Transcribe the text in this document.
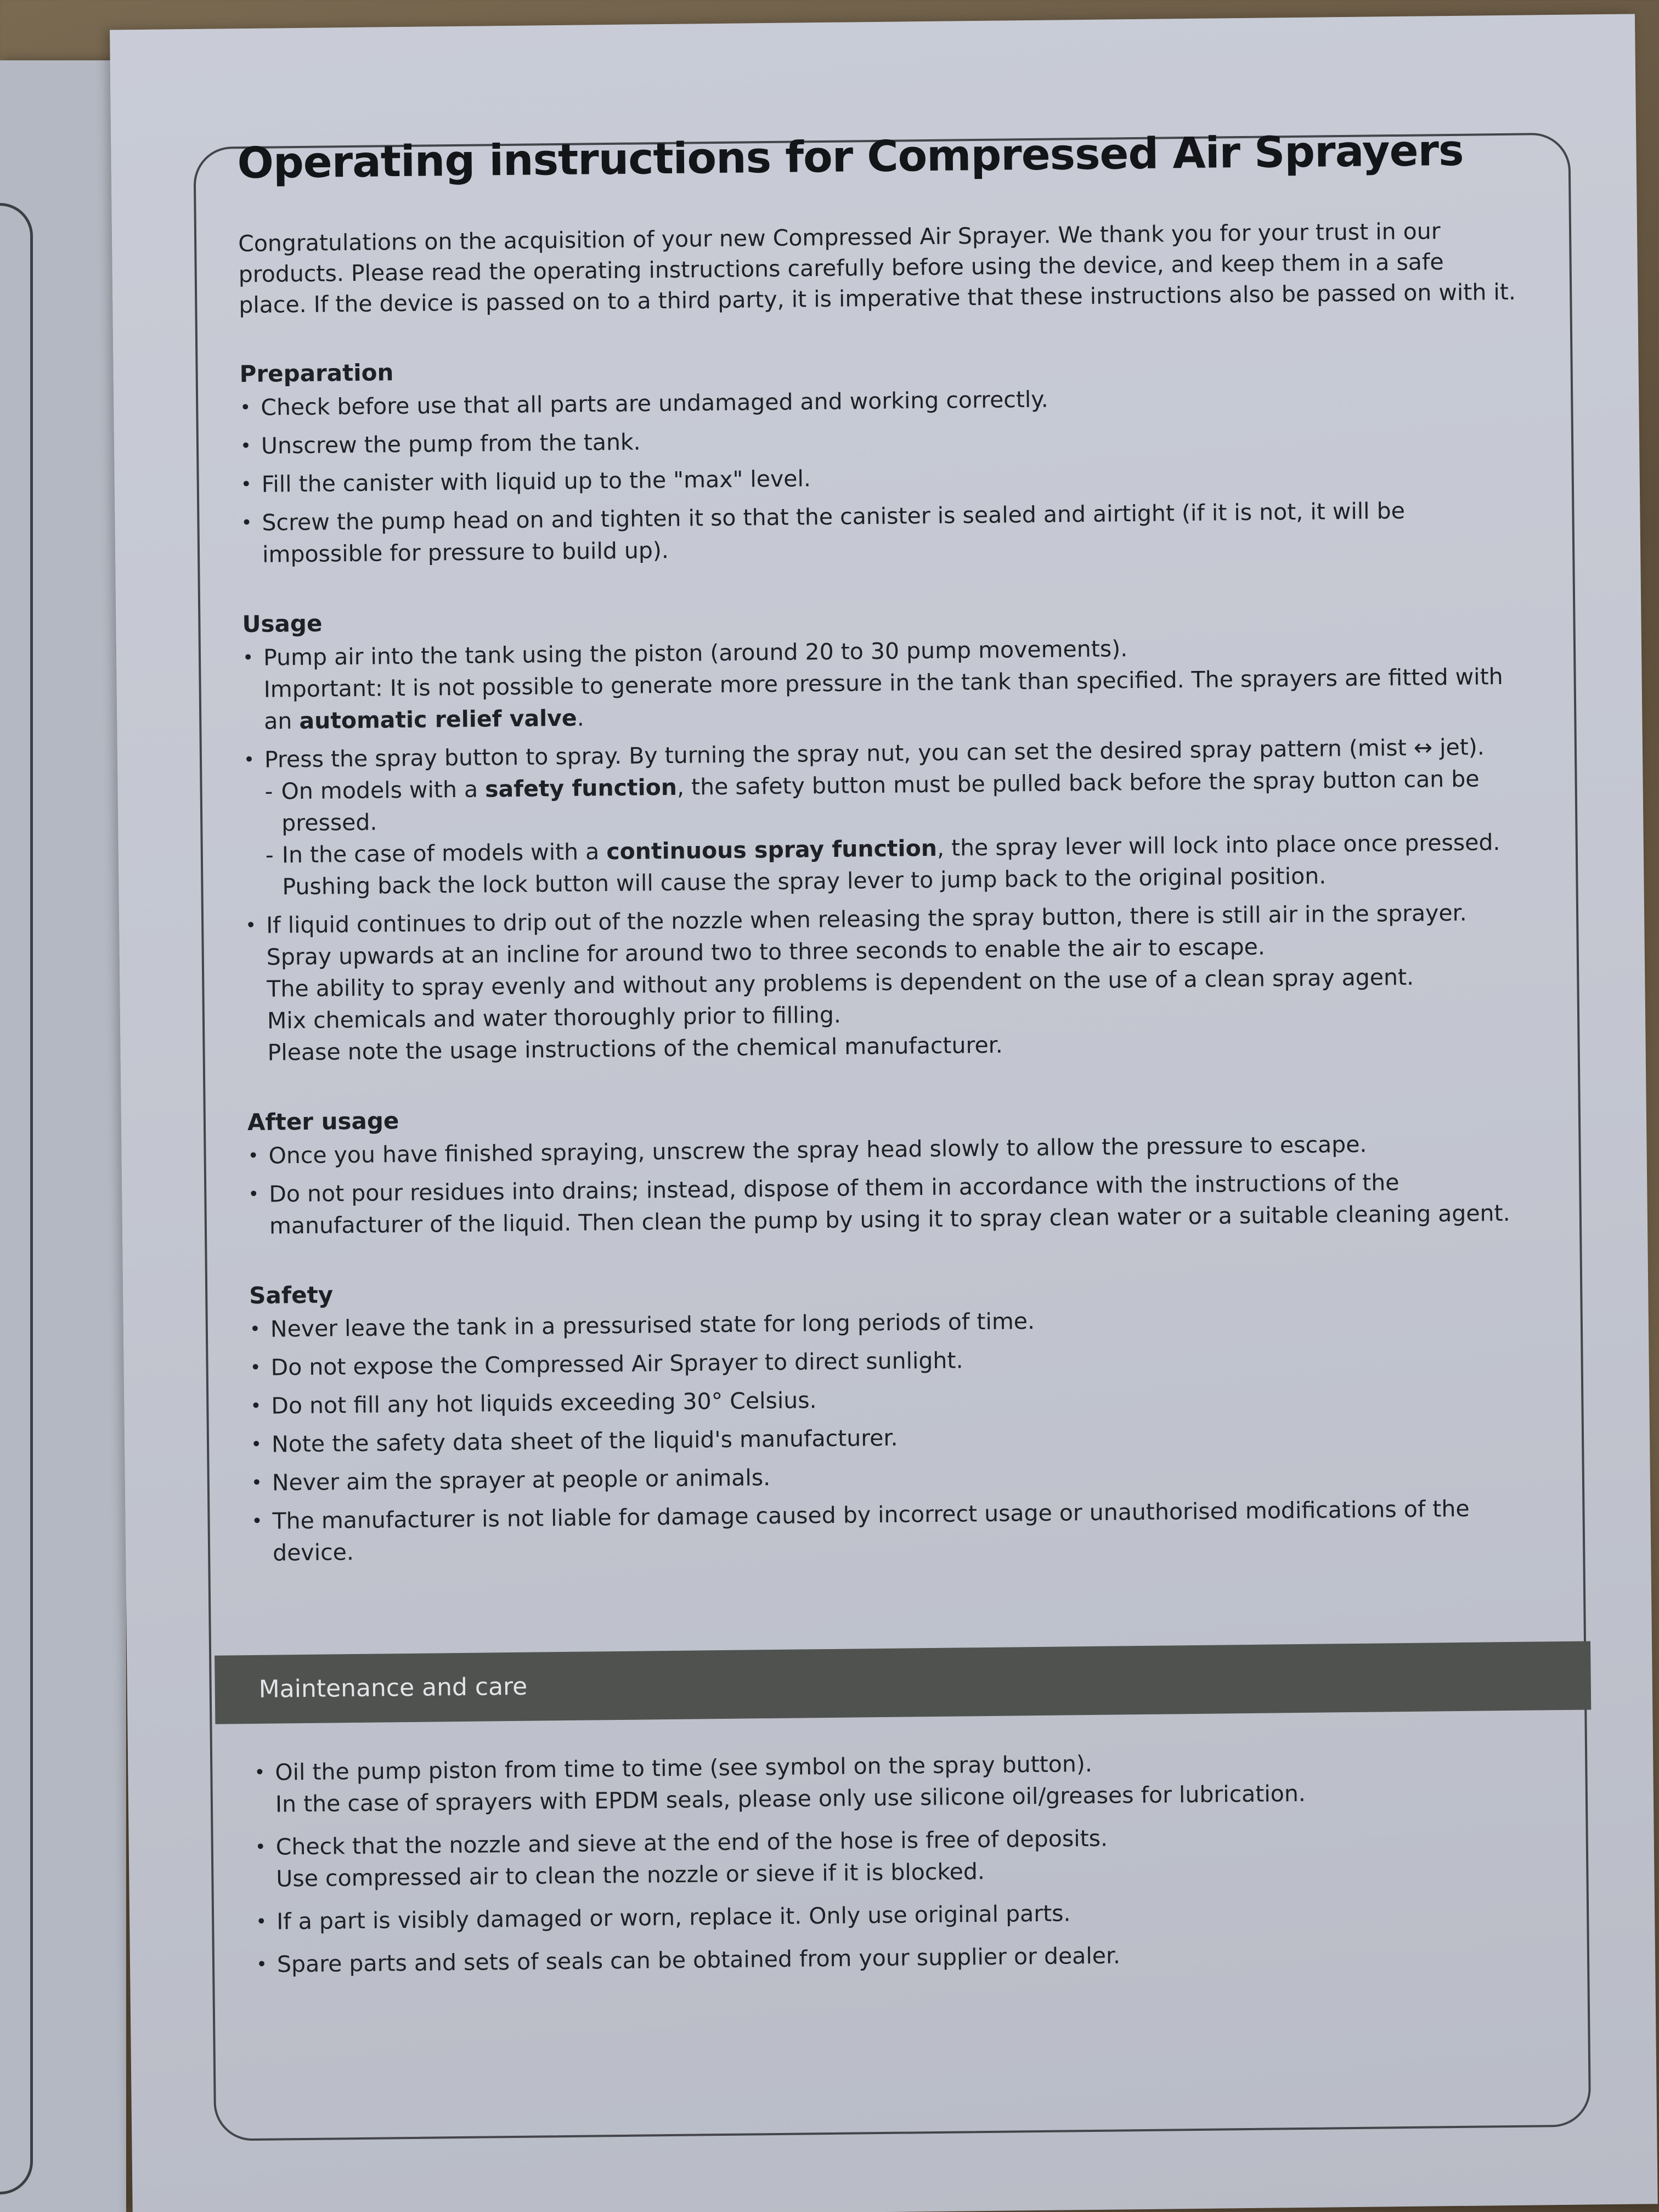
Operating instructions for Compressed Air Sprayers

Congratulations on the acquisition of your new Compressed Air Sprayer. We thank you for your trust in our products. Please read the operating instructions carefully before using the device, and keep them in a safe place. If the device is passed on to a third party, it is imperative that these instructions also be passed on with it.

Preparation
• Check before use that all parts are undamaged and working correctly.
• Unscrew the pump from the tank.
• Fill the canister with liquid up to the "max" level.
• Screw the pump head on and tighten it so that the canister is sealed and airtight (if it is not, it will be impossible for pressure to build up).
Usage
• Pump air into the tank using the piston (around 20 to 30 pump movements).
Important: It is not possible to generate more pressure in the tank than specified. The sprayers are fitted with an automatic relief valve.
• Press the spray button to spray. By turning the spray nut, you can set the desired spray pattern (mist ↔ jet).
- On models with a safety function, the safety button must be pulled back before the spray button can be pressed.
- In the case of models with a continuous spray function, the spray lever will lock into place once pressed. Pushing back the lock button will cause the spray lever to jump back to the original position.
• If liquid continues to drip out of the nozzle when releasing the spray button, there is still air in the sprayer. Spray upwards at an incline for around two to three seconds to enable the air to escape.
The ability to spray evenly and without any problems is dependent on the use of a clean spray agent.
Mix chemicals and water thoroughly prior to filling.
Please note the usage instructions of the chemical manufacturer.
After usage
• Once you have finished spraying, unscrew the spray head slowly to allow the pressure to escape.
• Do not pour residues into drains; instead, dispose of them in accordance with the instructions of the manufacturer of the liquid. Then clean the pump by using it to spray clean water or a suitable cleaning agent.
Safety
• Never leave the tank in a pressurised state for long periods of time.
• Do not expose the Compressed Air Sprayer to direct sunlight.
• Do not fill any hot liquids exceeding 30° Celsius.
• Note the safety data sheet of the liquid's manufacturer.
• Never aim the sprayer at people or animals.
• The manufacturer is not liable for damage caused by incorrect usage or unauthorised modifications of the device.
Maintenance and care
• Oil the pump piston from time to time (see symbol on the spray button).
In the case of sprayers with EPDM seals, please only use silicone oil/greases for lubrication.
• Check that the nozzle and sieve at the end of the hose is free of deposits.
Use compressed air to clean the nozzle or sieve if it is blocked.
• If a part is visibly damaged or worn, replace it. Only use original parts.
• Spare parts and sets of seals can be obtained from your supplier or dealer.
